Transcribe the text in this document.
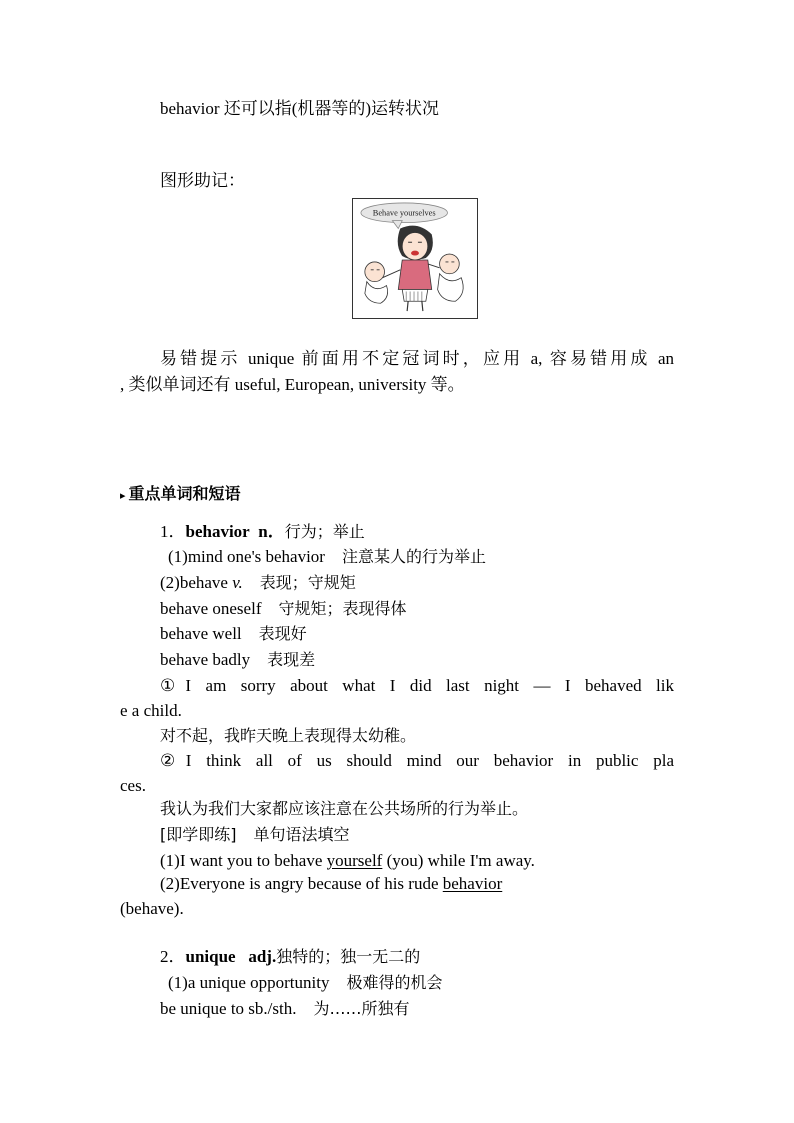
behavior 还可以指(机器等的)运转状况
图形助记：
Behave yourselves
易错提示 unique 前面用不定冠词时，应用 a, 容易错用成 an
, 类似单词还有 useful, European, university 等。
▸ 重点单词和短语
1．behavior n．行为；举止
(1)mind one's behavior 注意某人的行为举止
(2)behave v. 表现；守规矩
behave oneself 守规矩；表现得体
behave well 表现好
behave badly 表现差
①I am sorry about what I did last night — I behaved lik
e a child.
对不起，我昨天晚上表现得太幼稚。
②I think all of us should mind our behavior in public pla
ces.
我认为我们大家都应该注意在公共场所的行为举止。
[即学即练] 单句语法填空
(1)I want you to behave yourself (you) while I'm away.
(2)Everyone is angry because of his rude behavior
(behave).
2．unique adj.独特的；独一无二的
(1)a unique opportunity 极难得的机会
be unique to sb./sth. 为……所独有
